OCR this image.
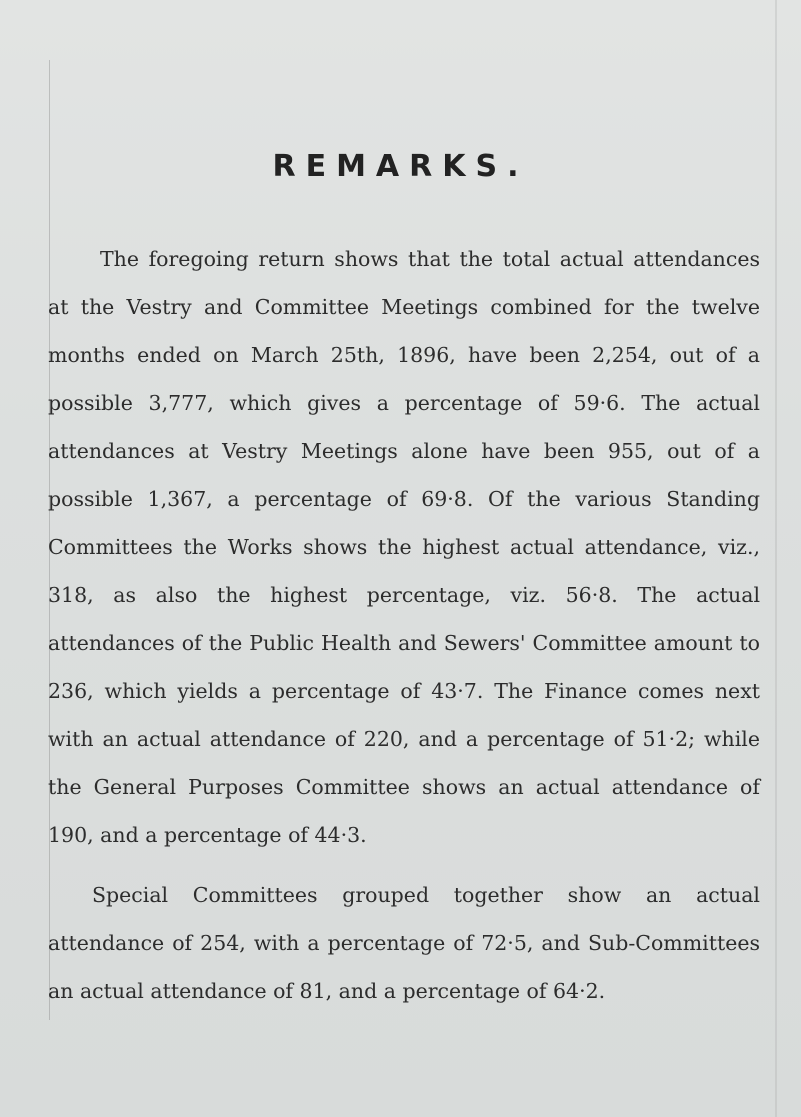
REMARKS.

The foregoing return shows that the total actual attendances at the Vestry and Committee Meetings combined for the twelve months ended on March 25th, 1896, have been 2,254, out of a possible 3,777, which gives a percentage of 59·6. The actual attendances at Vestry Meetings alone have been 955, out of a possible 1,367, a percentage of 69·8. Of the various Standing Committees the Works shows the highest actual attendance, viz., 318, as also the highest percentage, viz. 56·8. The actual attendances of the Public Health and Sewers' Committee amount to 236, which yields a percentage of 43·7. The Finance comes next with an actual attendance of 220, and a percentage of 51·2; while the General Purposes Committee shows an actual attendance of 190, and a percentage of 44·3.

Special Committees grouped together show an actual attendance of 254, with a percentage of 72·5, and Sub-Committees an actual attendance of 81, and a percentage of 64·2.
